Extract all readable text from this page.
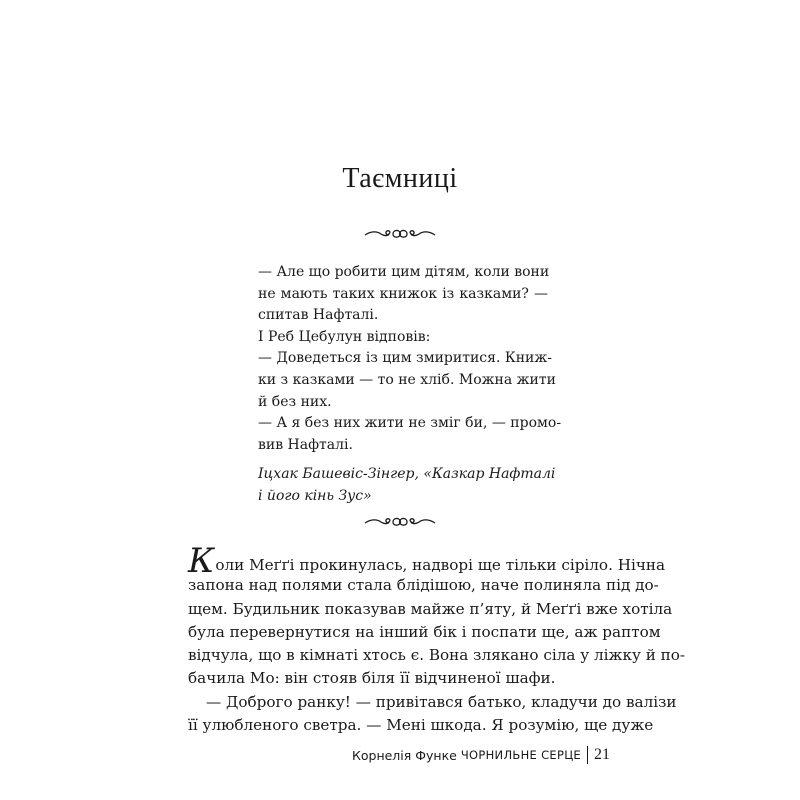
Таємниці
— Але що робити цим дітям, коли вони
не мають таких книжок із казками? —
спитав Нафталі.
І Реб Цебулун відповів:
— Доведеться із цим змиритися. Книж-
ки з казками — то не хліб. Можна жити
й без них.
— А я без них жити не зміг би, — промо-
вив Нафталі.
Іцхак Башевіс-Зінгер, «Казкар Нафталі
і його кінь Зус»
Коли Меґґі прокинулась, надворі ще тільки сіріло. Нічна
запона над полями стала блідішою, наче полиняла під до-
щем. Будильник показував майже п’яту, й Меґґі вже хотіла
була перевернутися на інший бік і поспати ще, аж раптом
відчула, що в кімнаті хтось є. Вона злякано сіла у ліжку й по-
бачила Мо: він стояв біля її відчиненої шафи.
— Доброго ранку! — привітався батько, кладучи до валізи
її улюбленого светра. — Мені шкода. Я розумію, ще дуже
Корнелія Функе ЧОРНИЛЬНЕ СЕРЦЕ 21
